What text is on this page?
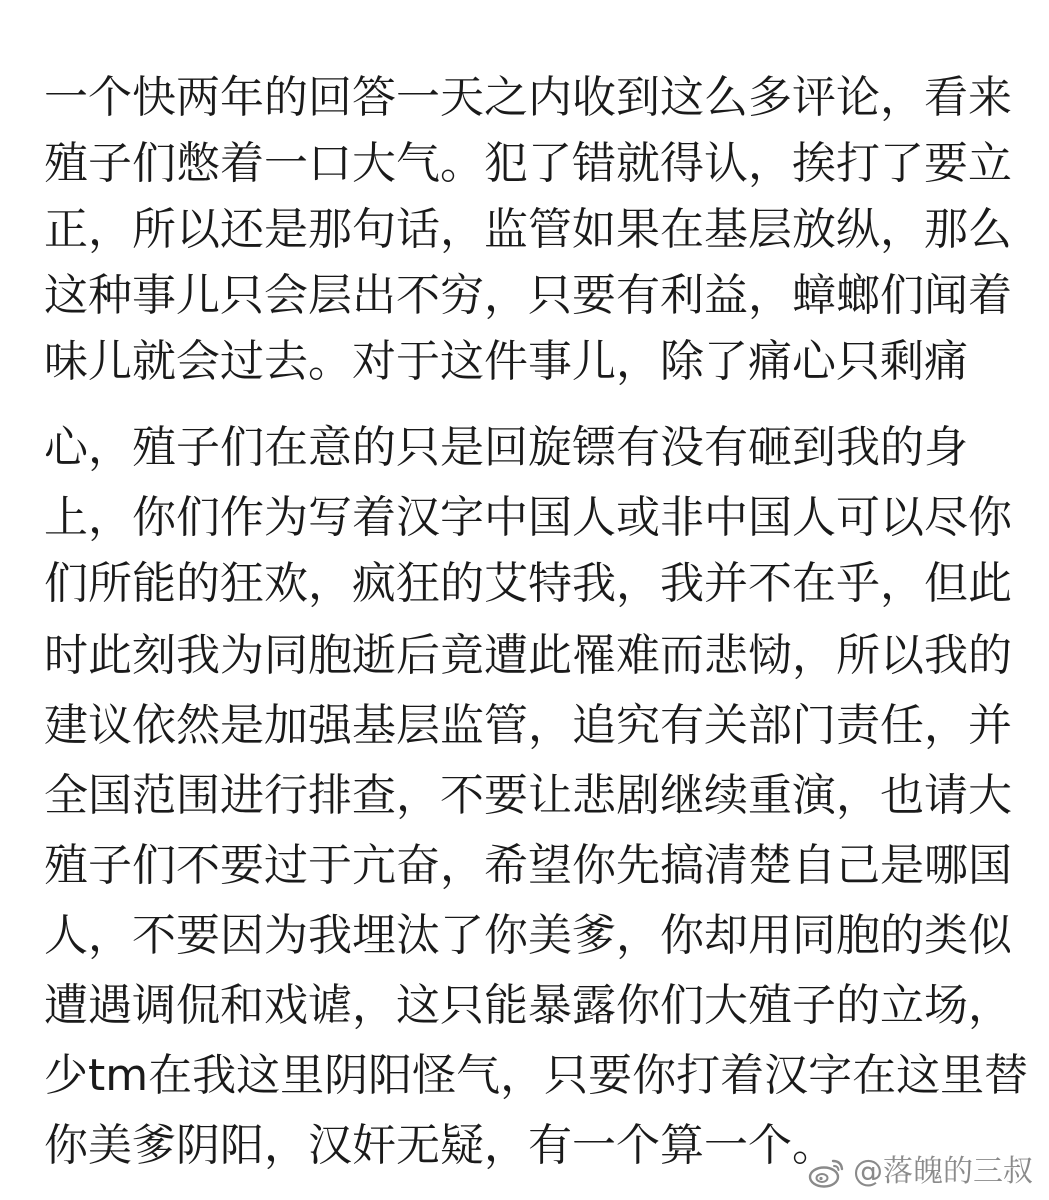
一个快两年的回答一天之内收到这么多评论，看来
殖子们憋着一口大气。犯了错就得认，挨打了要立
正，所以还是那句话，监管如果在基层放纵，那么
这种事儿只会层出不穷，只要有利益，蟑螂们闻着
味儿就会过去。对于这件事儿，除了痛心只剩痛
心，殖子们在意的只是回旋镖有没有砸到我的身
上，你们作为写着汉字中国人或非中国人可以尽你
们所能的狂欢，疯狂的艾特我，我并不在乎，但此
时此刻我为同胞逝后竟遭此罹难而悲恸，所以我的
建议依然是加强基层监管，追究有关部门责任，并
全国范围进行排查，不要让悲剧继续重演，也请大
殖子们不要过于亢奋，希望你先搞清楚自己是哪国
人，不要因为我埋汰了你美爹，你却用同胞的类似
遭遇调侃和戏谑，这只能暴露你们大殖子的立场，
少tm在我这里阴阳怪气，只要你打着汉字在这里替
你美爹阴阳，汉奸无疑，有一个算一个。
@落魄的三叔
